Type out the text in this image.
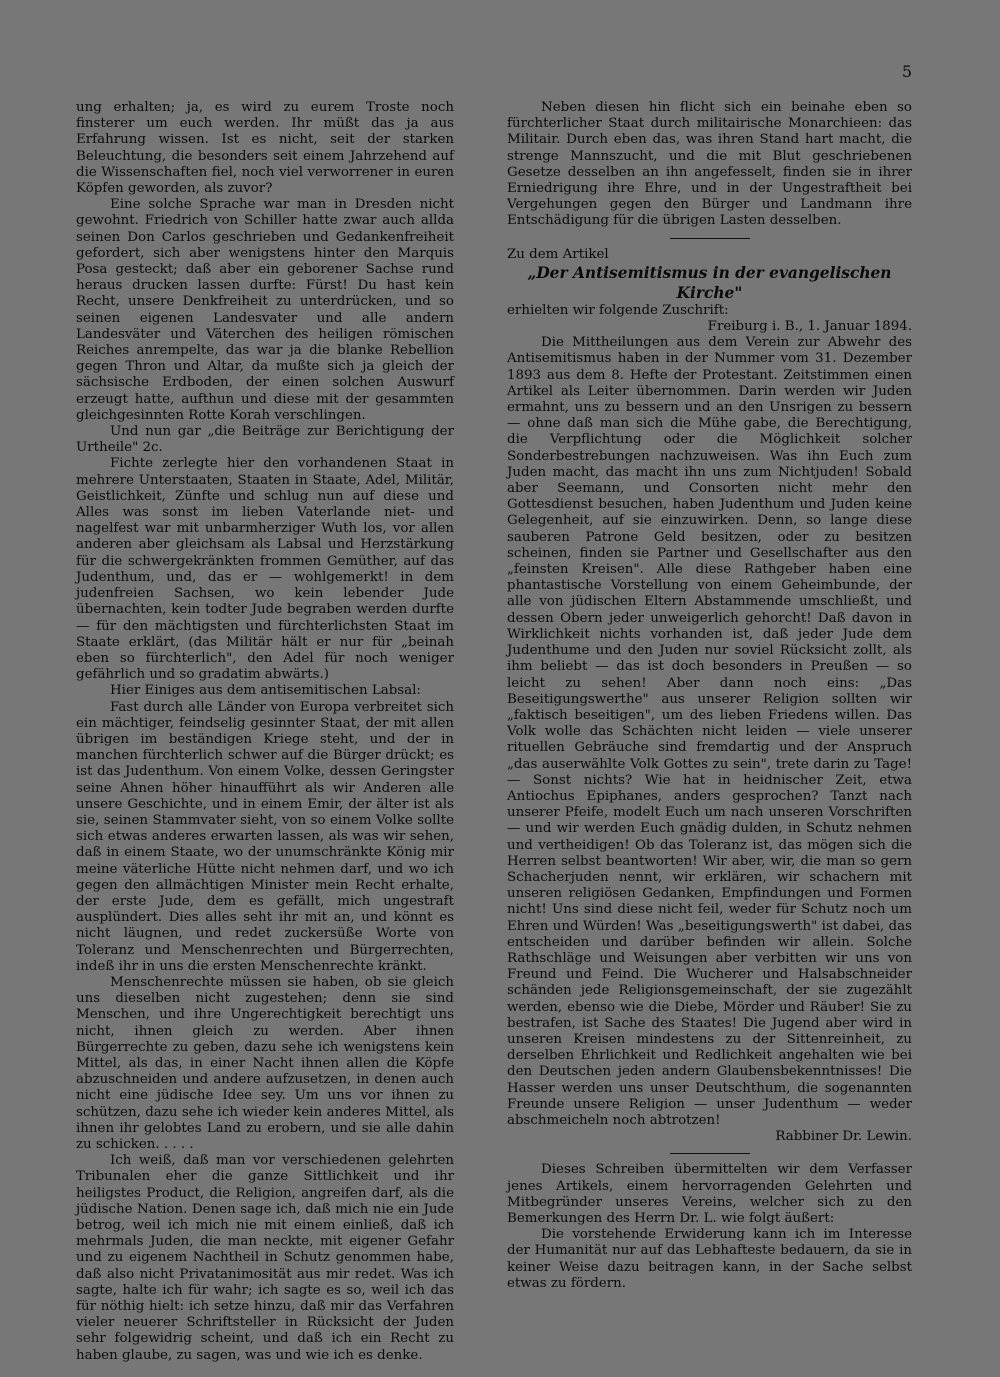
5

ung erhalten; ja, es wird zu eurem Troste noch finsterer um euch werden. Ihr müßt das ja aus Erfahrung wissen. Ist es nicht, seit der starken Beleuchtung, die besonders seit einem Jahrzehend auf die Wissenschaften fiel, noch viel verworrener in euren Köpfen geworden, als zuvor?

Eine solche Sprache war man in Dresden nicht gewohnt. Friedrich von Schiller hatte zwar auch allda seinen Don Carlos geschrieben und Gedankenfreiheit gefordert, sich aber wenigstens hinter den Marquis Posa gesteckt; daß aber ein geborener Sachse rund heraus drucken lassen durfte: Fürst! Du hast kein Recht, unsere Denkfreiheit zu unterdrücken, und so seinen eigenen Landesvater und alle andern Landesväter und Väterchen des heiligen römischen Reiches anrempelte, das war ja die blanke Rebellion gegen Thron und Altar, da mußte sich ja gleich der sächsische Erdboden, der einen solchen Auswurf erzeugt hatte, aufthun und diese mit der gesammten gleichgesinnten Rotte Korah verschlingen.

Und nun gar „die Beiträge zur Berichtigung der Urtheile" 2c.

Fichte zerlegte hier den vorhandenen Staat in mehrere Unterstaaten, Staaten in Staate, Adel, Militär, Geistlichkeit, Zünfte und schlug nun auf diese und Alles was sonst im lieben Vaterlande niet- und nagelfest war mit unbarmherziger Wuth los, vor allen anderen aber gleichsam als Labsal und Herzstärkung für die schwergekränkten frommen Gemüther, auf das Judenthum, und, das er — wohlgemerkt! in dem judenfreien Sachsen, wo kein lebender Jude übernachten, kein todter Jude begraben werden durfte — für den mächtigsten und fürchterlichsten Staat im Staate erklärt, (das Militär hält er nur für „beinah eben so fürchterlich", den Adel für noch weniger gefährlich und so gradatim abwärts.)

Hier Einiges aus dem antisemitischen Labsal:

Fast durch alle Länder von Europa verbreitet sich ein mächtiger, feindselig gesinnter Staat, der mit allen übrigen im beständigen Kriege steht, und der in manchen fürchterlich schwer auf die Bürger drückt; es ist das Judenthum. Von einem Volke, dessen Geringster seine Ahnen höher hinaufführt als wir Anderen alle unsere Geschichte, und in einem Emir, der älter ist als sie, seinen Stammvater sieht, von so einem Volke sollte sich etwas anderes erwarten lassen, als was wir sehen, daß in einem Staate, wo der unumschränkte König mir meine väterliche Hütte nicht nehmen darf, und wo ich gegen den allmächtigen Minister mein Recht erhalte, der erste Jude, dem es gefällt, mich ungestraft ausplündert. Dies alles seht ihr mit an, und könnt es nicht läugnen, und redet zuckersüße Worte von Toleranz und Menschenrechten und Bürgerrechten, indeß ihr in uns die ersten Menschenrechte kränkt.

Menschenrechte müssen sie haben, ob sie gleich uns dieselben nicht zugestehen; denn sie sind Menschen, und ihre Ungerechtigkeit berechtigt uns nicht, ihnen gleich zu werden. Aber ihnen Bürgerrechte zu geben, dazu sehe ich wenigstens kein Mittel, als das, in einer Nacht ihnen allen die Köpfe abzuschneiden und andere aufzusetzen, in denen auch nicht eine jüdische Idee sey. Um uns vor ihnen zu schützen, dazu sehe ich wieder kein anderes Mittel, als ihnen ihr gelobtes Land zu erobern, und sie alle dahin zu schicken. . . . .

Ich weiß, daß man vor verschiedenen gelehrten Tribunalen eher die ganze Sittlichkeit und ihr heiligstes Product, die Religion, angreifen darf, als die jüdische Nation. Denen sage ich, daß mich nie ein Jude betrog, weil ich mich nie mit einem einließ, daß ich mehrmals Juden, die man neckte, mit eigener Gefahr und zu eigenem Nachtheil in Schutz genommen habe, daß also nicht Privatanimosität aus mir redet. Was ich sagte, halte ich für wahr; ich sagte es so, weil ich das für nöthig hielt: ich setze hinzu, daß mir das Verfahren vieler neuerer Schriftsteller in Rücksicht der Juden sehr folgewidrig scheint, und daß ich ein Recht zu haben glaube, zu sagen, was und wie ich es denke.

Neben diesen hin flicht sich ein beinahe eben so fürchterlicher Staat durch militairische Monarchieen: das Militair. Durch eben das, was ihren Stand hart macht, die strenge Mannszucht, und die mit Blut geschriebenen Gesetze desselben an ihn angefesselt, finden sie in ihrer Erniedrigung ihre Ehre, und in der Ungestraftheit bei Vergehungen gegen den Bürger und Landmann ihre Entschädigung für die übrigen Lasten desselben.

Zu dem Artikel

„Der Antisemitismus in der evangelischen Kirche"

erhielten wir folgende Zuschrift:

Freiburg i. B., 1. Januar 1894.

Die Mittheilungen aus dem Verein zur Abwehr des Antisemitismus haben in der Nummer vom 31. Dezember 1893 aus dem 8. Hefte der Protestant. Zeitstimmen einen Artikel als Leiter übernommen. Darin werden wir Juden ermahnt, uns zu bessern und an den Unsrigen zu bessern — ohne daß man sich die Mühe gabe, die Berechtigung, die Verpflichtung oder die Möglichkeit solcher Sonderbestrebungen nachzuweisen. Was ihn Euch zum Juden macht, das macht ihn uns zum Nichtjuden! Sobald aber Seemann, und Consorten nicht mehr den Gottesdienst besuchen, haben Judenthum und Juden keine Gelegenheit, auf sie einzuwirken. Denn, so lange diese sauberen Patrone Geld besitzen, oder zu besitzen scheinen, finden sie Partner und Gesellschafter aus den „feinsten Kreisen". Alle diese Rathgeber haben eine phantastische Vorstellung von einem Geheimbunde, der alle von jüdischen Eltern Abstammende umschließt, und dessen Obern jeder unweigerlich gehorcht! Daß davon in Wirklichkeit nichts vorhanden ist, daß jeder Jude dem Judenthume und den Juden nur soviel Rücksicht zollt, als ihm beliebt — das ist doch besonders in Preußen — so leicht zu sehen! Aber dann noch eins: „Das Beseitigungswerthe" aus unserer Religion sollten wir „faktisch beseitigen", um des lieben Friedens willen. Das Volk wolle das Schächten nicht leiden — viele unserer rituellen Gebräuche sind fremdartig und der Anspruch „das auserwählte Volk Gottes zu sein", trete darin zu Tage! — Sonst nichts? Wie hat in heidnischer Zeit, etwa Antiochus Epiphanes, anders gesprochen? Tanzt nach unserer Pfeife, modelt Euch um nach unseren Vorschriften — und wir werden Euch gnädig dulden, in Schutz nehmen und vertheidigen! Ob das Toleranz ist, das mögen sich die Herren selbst beantworten! Wir aber, wir, die man so gern Schacherjuden nennt, wir erklären, wir schachern mit unseren religiösen Gedanken, Empfindungen und Formen nicht! Uns sind diese nicht feil, weder für Schutz noch um Ehren und Würden! Was „beseitigungswerth" ist dabei, das entscheiden und darüber befinden wir allein. Solche Rathschläge und Weisungen aber verbitten wir uns von Freund und Feind. Die Wucherer und Halsabschneider schänden jede Religionsgemeinschaft, der sie zugezählt werden, ebenso wie die Diebe, Mörder und Räuber! Sie zu bestrafen, ist Sache des Staates! Die Jugend aber wird in unseren Kreisen mindestens zu der Sittenreinheit, zu derselben Ehrlichkeit und Redlichkeit angehalten wie bei den Deutschen jeden andern Glaubensbekenntnisses! Die Hasser werden uns unser Deutschthum, die sogenannten Freunde unsere Religion — unser Judenthum — weder abschmeicheln noch abtrotzen!

Rabbiner Dr. Lewin.

Dieses Schreiben übermittelten wir dem Verfasser jenes Artikels, einem hervorragenden Gelehrten und Mitbegründer unseres Vereins, welcher sich zu den Bemerkungen des Herrn Dr. L. wie folgt äußert:

Die vorstehende Erwiderung kann ich im Interesse der Humanität nur auf das Lebhafteste bedauern, da sie in keiner Weise dazu beitragen kann, in der Sache selbst etwas zu fördern.
